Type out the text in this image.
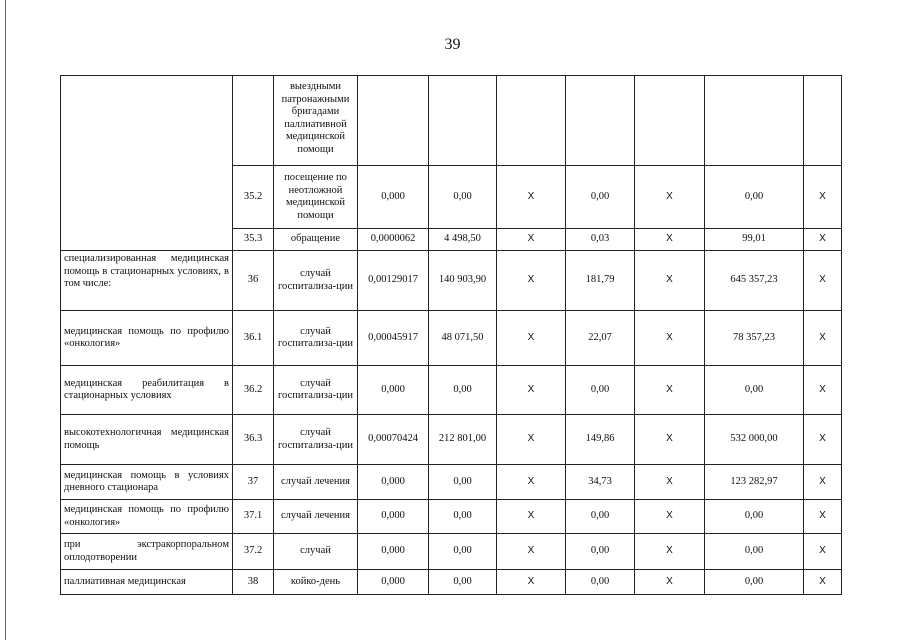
39
		выездными патронажными бригадами паллиативной медицинской помощи							
	35.2	посещение по неотложной медицинской помощи	0,000	0,00	Х	0,00	Х	0,00	Х
	35.3	обращение	0,0000062	4 498,50	Х	0,03	Х	99,01	Х
специализированная медицинская помощь в стационарных условиях, в том числе:	36	случай госпитализа-ции	0,00129017	140 903,90	Х	181,79	Х	645 357,23	Х
медицинская помощь по профилю «онкология»	36.1	случай госпитализа-ции	0,00045917	48 071,50	Х	22,07	Х	78 357,23	Х
медицинская реабилитация в стационарных условиях	36.2	случай госпитализа-ции	0,000	0,00	Х	0,00	Х	0,00	Х
высокотехнологичная медицинская помощь	36.3	случай госпитализа-ции	0,00070424	212 801,00	Х	149,86	Х	532 000,00	Х
медицинская помощь в условиях дневного стационара	37	случай лечения	0,000	0,00	Х	34,73	Х	123 282,97	Х
медицинская помощь по профилю «онкология»	37.1	случай лечения	0,000	0,00	Х	0,00	Х	0,00	Х
при экстракорпоральном оплодотворении	37.2	случай	0,000	0,00	Х	0,00	Х	0,00	Х
паллиативная медицинская	38	койко-день	0,000	0,00	Х	0,00	Х	0,00	Х
